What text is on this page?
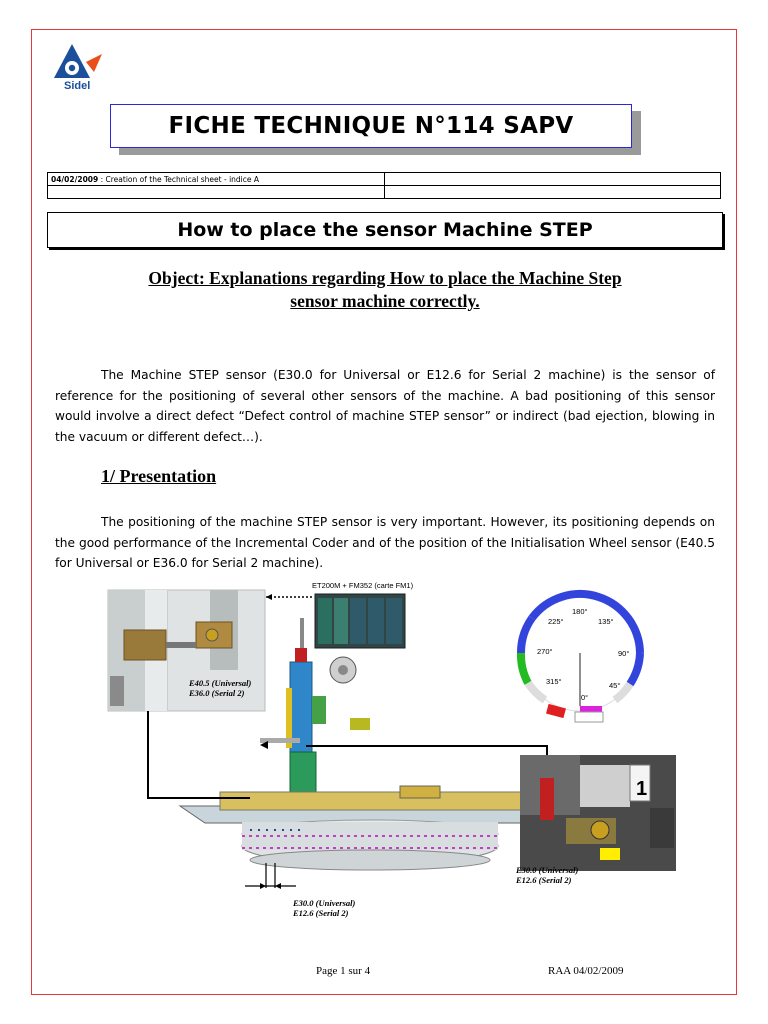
Sidel
FICHE TECHNIQUE N°114 SAPV
04/02/2009 : Creation of the Technical sheet - indice A	

How to place the sensor Machine STEP
Object: Explanations regarding How to place the Machine Step
sensor machine correctly.
The Machine STEP sensor (E30.0 for Universal or E12.6 for Serial 2 machine) is the sensor of reference for the positioning of several other sensors of the machine. A bad positioning of this sensor would involve a direct defect “Defect control of machine STEP sensor” or indirect (bad ejection, blowing in the vacuum or different defect…).
1/ Presentation
The positioning of the machine STEP sensor is very important. However, its positioning depends on the good performance of the Incremental Coder and of the position of the Initialisation Wheel sensor (E40.5 for Universal or E36.0 for Serial 2 machine).
ET200M + FM352 (carte FM1)
180°
225°	135°
270°	90°
315°	45°
0°
1
E40.5 (Universal)
E36.0 (Serial 2)
E30.0 (Universal)
E12.6 (Serial 2)
E30.0 (Universal)
E12.6 (Serial 2)
Page 1 sur 4	RAA 04/02/2009
